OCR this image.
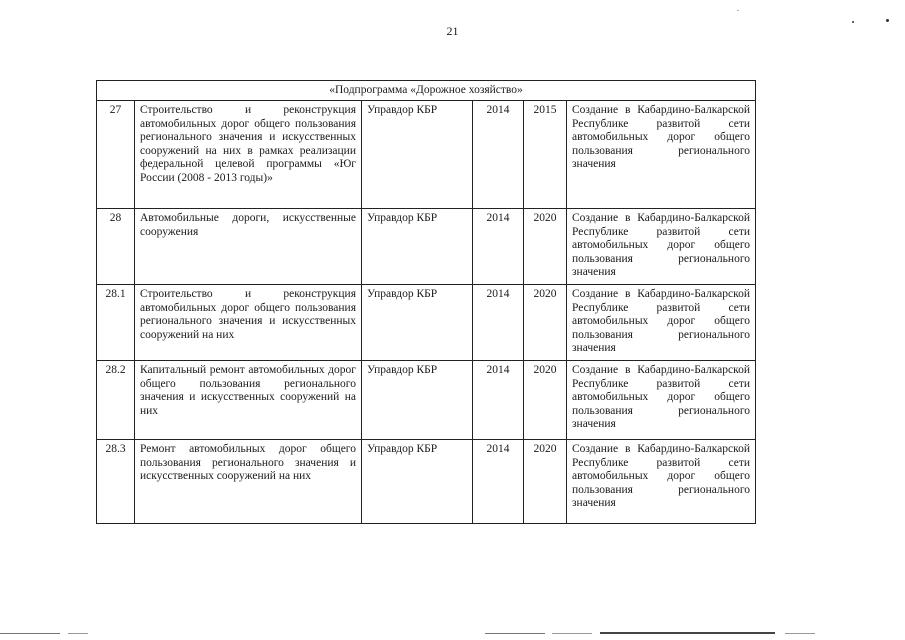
21
«Подпрограмма «Дорожное хозяйство»					
27	Строительство и реконструкция автомобильных дорог общего пользования регионального значения и искусственных сооружений на них в рамках реализации федеральной целевой программы «Юг России (2008 - 2013 годы)»	Управдор КБР	2014	2015	Создание в Кабардино-Балкарской Республике развитой сети автомобильных дорог общего пользования регионального значения
28	Автомобильные дороги, искусственные сооружения	Управдор КБР	2014	2020	Создание в Кабардино-Балкарской Республике развитой сети автомобильных дорог общего пользования регионального значения
28.1	Строительство и реконструкция автомобильных дорог общего пользования регионального значения и искусственных сооружений на них	Управдор КБР	2014	2020	Создание в Кабардино-Балкарской Республике развитой сети автомобильных дорог общего пользования регионального значения
28.2	Капитальный ремонт автомобильных дорог общего пользования регионального значения и искусственных сооружений на них	Управдор КБР	2014	2020	Создание в Кабардино-Балкарской Республике развитой сети автомобильных дорог общего пользования регионального значения
28.3	Ремонт автомобильных дорог общего пользования регионального значения и искусственных сооружений на них	Управдор КБР	2014	2020	Создание в Кабардино-Балкарской Республике развитой сети автомобильных дорог общего пользования регионального значения
